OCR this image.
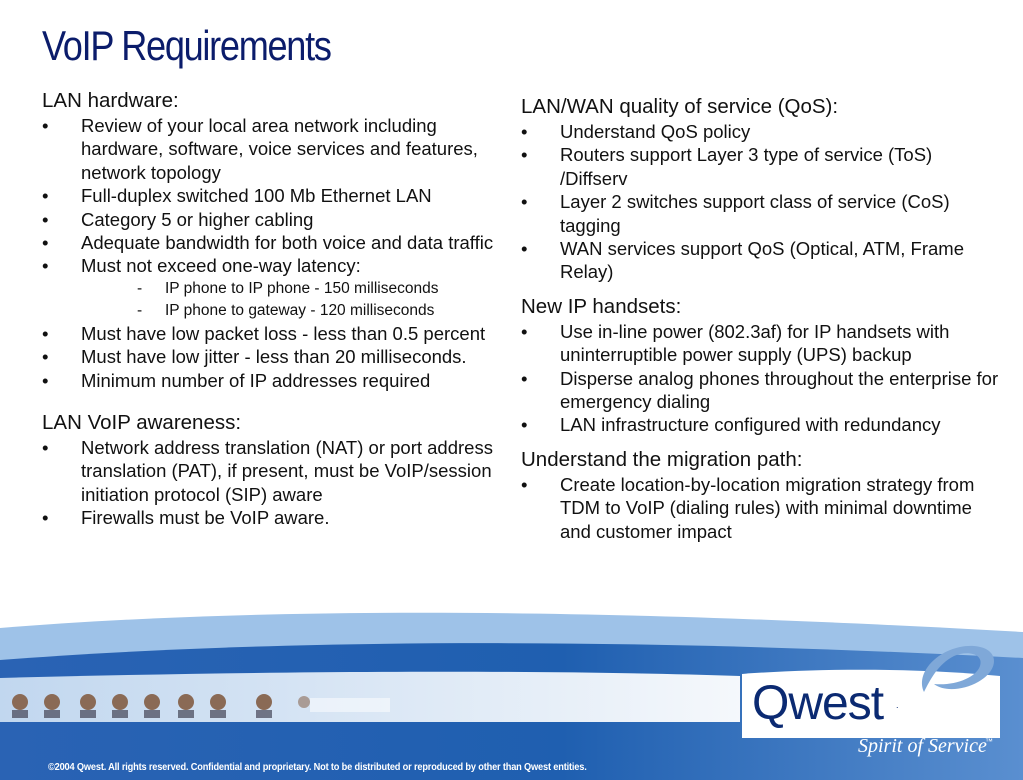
VoIP Requirements

LAN hardware:

• Review of your local area network including hardware, software, voice services and features, network topology
• Full-duplex switched 100 Mb Ethernet LAN
• Category 5 or higher cabling
• Adequate bandwidth for both voice and data traffic
• Must not exceed one-way latency:
- IP phone to IP phone - 150 milliseconds
- IP phone to gateway - 120 milliseconds
• Must have low packet loss - less than 0.5 percent
• Must have low jitter - less than 20 milliseconds.
• Minimum number of IP addresses required

LAN VoIP awareness:

• Network address translation (NAT) or port address translation (PAT), if present, must be VoIP/session initiation protocol (SIP) aware
• Firewalls must be VoIP aware.

LAN/WAN quality of service (QoS):

• Understand QoS policy
• Routers support Layer 3 type of service (ToS) /Diffserv
• Layer 2 switches support class of service (CoS) tagging
• WAN services support QoS (Optical, ATM, Frame Relay)

New IP handsets:

• Use in-line power (802.3af) for IP handsets with uninterruptible power supply (UPS) backup
• Disperse analog phones throughout the enterprise for emergency dialing
• LAN infrastructure configured with redundancy

Understand the migration path:

• Create location-by-location migration strategy from TDM to VoIP (dialing rules) with minimal downtime
and customer impact
Qwest .
Spirit of Service
™
©2004 Qwest. All rights reserved. Confidential and proprietary. Not to be distributed or reproduced by other than Qwest entities.
